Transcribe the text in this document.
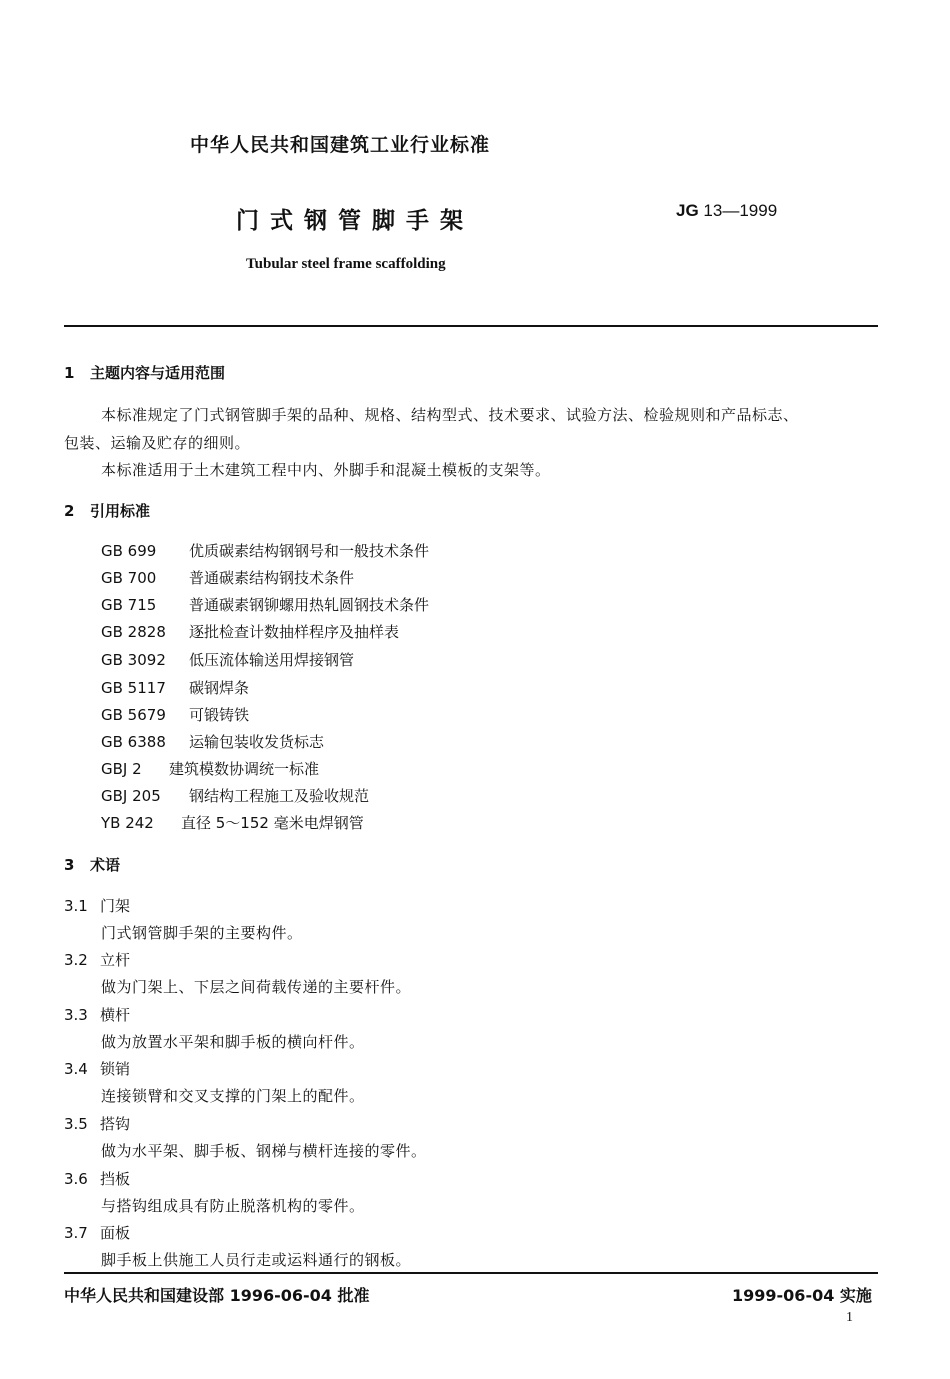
中华人民共和国建筑工业行业标准
门式钢管脚手架	JG 13—1999
Tubular steel frame scaffolding
1 主题内容与适用范围
本标准规定了门式钢管脚手架的品种、规格、结构型式、技术要求、试验方法、检验规则和产品标志、
包装、运输及贮存的细则。
本标准适用于土木建筑工程中内、外脚手和混凝土模板的支架等。
2 引用标准
GB 699 优质碳素结构钢钢号和一般技术条件
GB 700 普通碳素结构钢技术条件
GB 715 普通碳素钢铆螺用热轧圆钢技术条件
GB 2828 逐批检查计数抽样程序及抽样表
GB 3092 低压流体输送用焊接钢管
GB 5117 碳钢焊条
GB 5679 可锻铸铁
GB 6388 运输包装收发货标志
GBJ 2 建筑模数协调统一标准
GBJ 205 钢结构工程施工及验收规范
YB 242 直径 5～152 毫米电焊钢管
3 术语
3.1 门架
门式钢管脚手架的主要构件。
3.2 立杆
做为门架上、下层之间荷载传递的主要杆件。
3.3 横杆
做为放置水平架和脚手板的横向杆件。
3.4 锁销
连接锁臂和交叉支撑的门架上的配件。
3.5 搭钩
做为水平架、脚手板、钢梯与横杆连接的零件。
3.6 挡板
与搭钩组成具有防止脱落机构的零件。
3.7 面板
脚手板上供施工人员行走或运料通行的钢板。
中华人民共和国建设部 1996-06-04 批准	1999-06-04 实施
1
